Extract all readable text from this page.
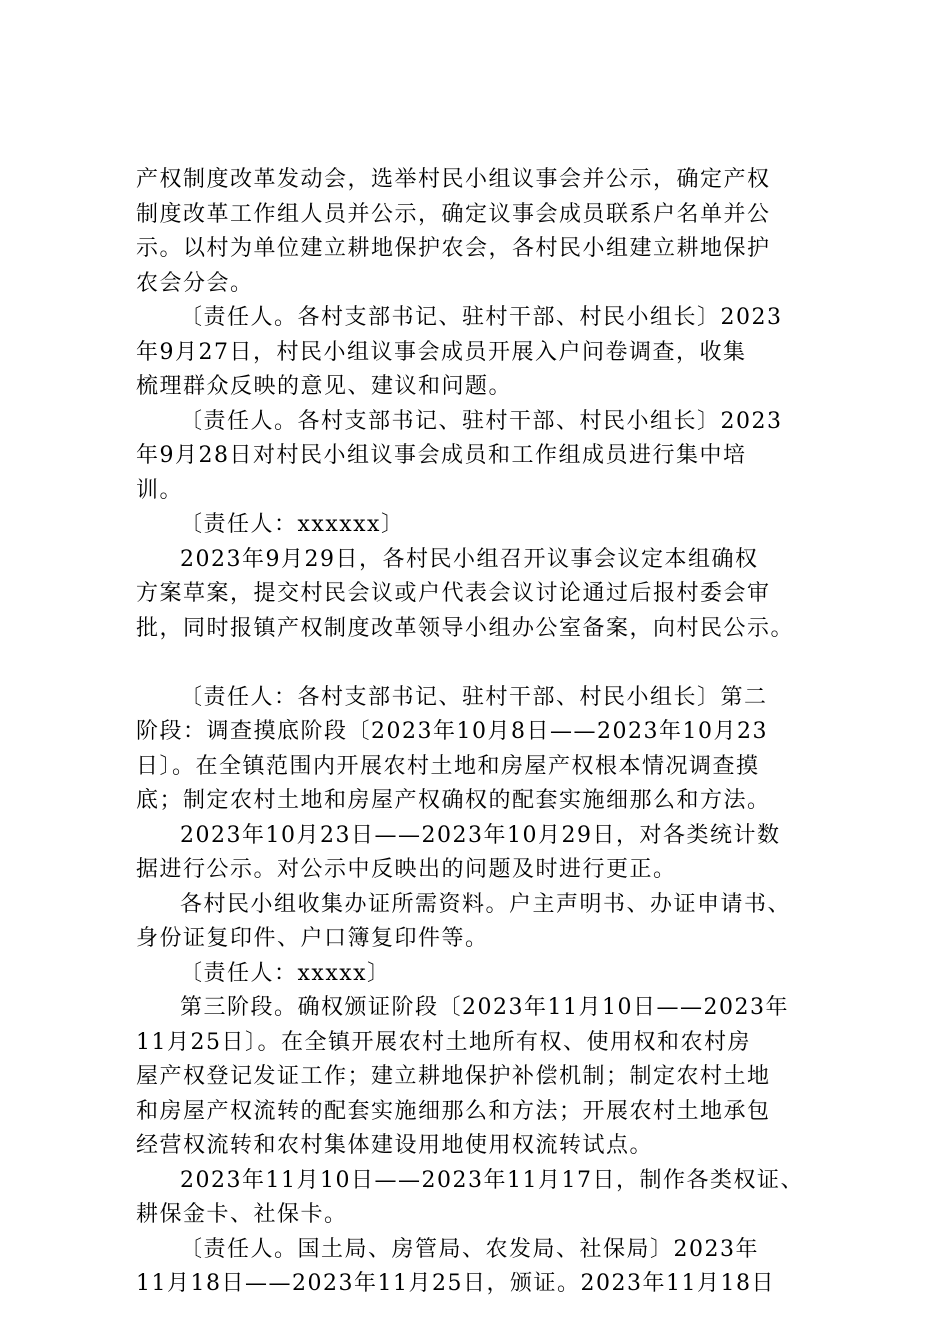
产权制度改革发动会，选举村民小组议事会并公示，确定产权
制度改革工作组人员并公示，确定议事会成员联系户名单并公
示。以村为单位建立耕地保护农会，各村民小组建立耕地保护
农会分会。
〔责任人。各村支部书记、驻村干部、村民小组长〕2023
年9月27日，村民小组议事会成员开展入户问卷调查，收集
梳理群众反映的意见、建议和问题。
〔责任人。各村支部书记、驻村干部、村民小组长〕2023
年9月28日对村民小组议事会成员和工作组成员进行集中培
训。
〔责任人：xxxxxx〕
2023年9月29日，各村民小组召开议事会议定本组确权
方案草案，提交村民会议或户代表会议讨论通过后报村委会审
批，同时报镇产权制度改革领导小组办公室备案，向村民公示。
〔责任人：各村支部书记、驻村干部、村民小组长〕第二
阶段：调查摸底阶段〔2023年10月8日——2023年10月23
日〕。在全镇范围内开展农村土地和房屋产权根本情况调查摸
底；制定农村土地和房屋产权确权的配套实施细那么和方法。
2023年10月23日——2023年10月29日，对各类统计数
据进行公示。对公示中反映出的问题及时进行更正。
各村民小组收集办证所需资料。户主声明书、办证申请书、
身份证复印件、户口簿复印件等。
〔责任人：xxxxx〕
第三阶段。确权颁证阶段〔2023年11月10日——2023年
11月25日〕。在全镇开展农村土地所有权、使用权和农村房
屋产权登记发证工作；建立耕地保护补偿机制；制定农村土地
和房屋产权流转的配套实施细那么和方法；开展农村土地承包
经营权流转和农村集体建设用地使用权流转试点。
2023年11月10日——2023年11月17日，制作各类权证、
耕保金卡、社保卡。
〔责任人。国土局、房管局、农发局、社保局〕2023年
11月18日——2023年11月25日，颁证。2023年11月18日
